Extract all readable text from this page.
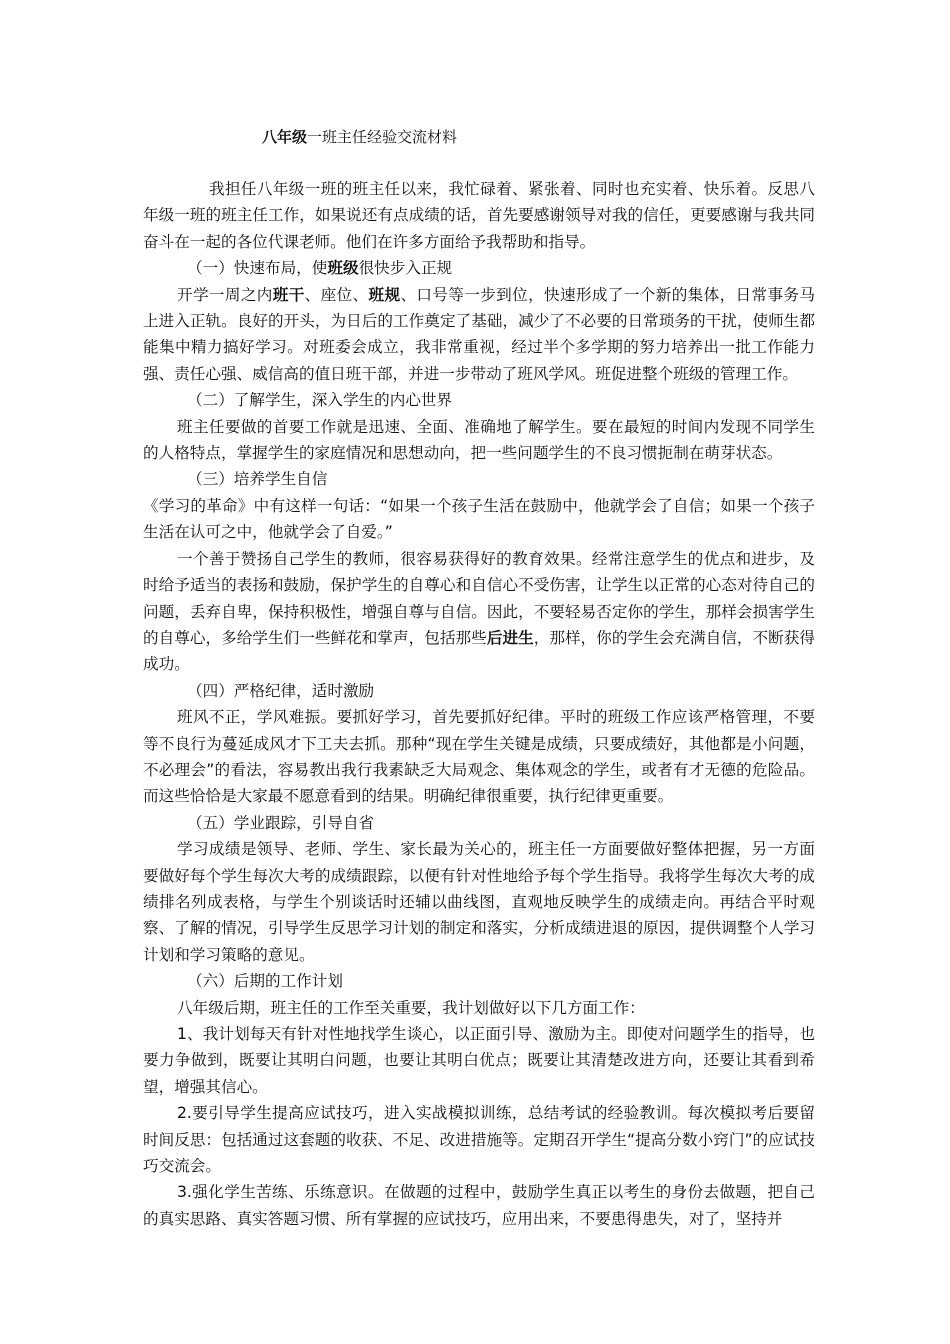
八年级一班主任经验交流材料

我担任八年级一班的班主任以来，我忙碌着、紧张着、同时也充实着、快乐着。反思八年级一班的班主任工作，如果说还有点成绩的话，首先要感谢领导对我的信任，更要感谢与我共同奋斗在一起的各位代课老师。他们在许多方面给予我帮助和指导。

（一）快速布局，使班级很快步入正规

开学一周之内班干、座位、班规、口号等一步到位，快速形成了一个新的集体，日常事务马上进入正轨。良好的开头，为日后的工作奠定了基础，减少了不必要的日常琐务的干扰，使师生都能集中精力搞好学习。对班委会成立，我非常重视，经过半个多学期的努力培养出一批工作能力强、责任心强、威信高的值日班干部，并进一步带动了班风学风。班促进整个班级的管理工作。

（二）了解学生，深入学生的内心世界

班主任要做的首要工作就是迅速、全面、准确地了解学生。要在最短的时间内发现不同学生的人格特点，掌握学生的家庭情况和思想动向，把一些问题学生的不良习惯扼制在萌芽状态。

（三）培养学生自信

《学习的革命》中有这样一句话：“如果一个孩子生活在鼓励中，他就学会了自信；如果一个孩子生活在认可之中，他就学会了自爱。”

一个善于赞扬自己学生的教师，很容易获得好的教育效果。经常注意学生的优点和进步，及时给予适当的表扬和鼓励，保护学生的自尊心和自信心不受伤害，让学生以正常的心态对待自己的问题，丢弃自卑，保持积极性，增强自尊与自信。因此，不要轻易否定你的学生，那样会损害学生的自尊心，多给学生们一些鲜花和掌声，包括那些后进生，那样，你的学生会充满自信，不断获得成功。

（四）严格纪律，适时激励

班风不正，学风难振。要抓好学习，首先要抓好纪律。平时的班级工作应该严格管理，不要等不良行为蔓延成风才下工夫去抓。那种“现在学生关键是成绩，只要成绩好，其他都是小问题，不必理会”的看法，容易教出我行我素缺乏大局观念、集体观念的学生，或者有才无德的危险品。而这些恰恰是大家最不愿意看到的结果。明确纪律很重要，执行纪律更重要。

（五）学业跟踪，引导自省

学习成绩是领导、老师、学生、家长最为关心的，班主任一方面要做好整体把握，另一方面要做好每个学生每次大考的成绩跟踪，以便有针对性地给予每个学生指导。我将学生每次大考的成绩排名列成表格，与学生个别谈话时还辅以曲线图，直观地反映学生的成绩走向。再结合平时观察、了解的情况，引导学生反思学习计划的制定和落实，分析成绩进退的原因，提供调整个人学习计划和学习策略的意见。

（六）后期的工作计划

八年级后期，班主任的工作至关重要，我计划做好以下几方面工作：

1、我计划每天有针对性地找学生谈心，以正面引导、激励为主。即使对问题学生的指导，也要力争做到，既要让其明白问题，也要让其明白优点；既要让其清楚改进方向，还要让其看到希望，增强其信心。

2.要引导学生提高应试技巧，进入实战模拟训练，总结考试的经验教训。每次模拟考后要留时间反思：包括通过这套题的收获、不足、改进措施等。定期召开学生“提高分数小窍门”的应试技巧交流会。

3.强化学生苦练、乐练意识。在做题的过程中，鼓励学生真正以考生的身份去做题，把自己的真实思路、真实答题习惯、所有掌握的应试技巧，应用出来，不要患得患失，对了，坚持并
